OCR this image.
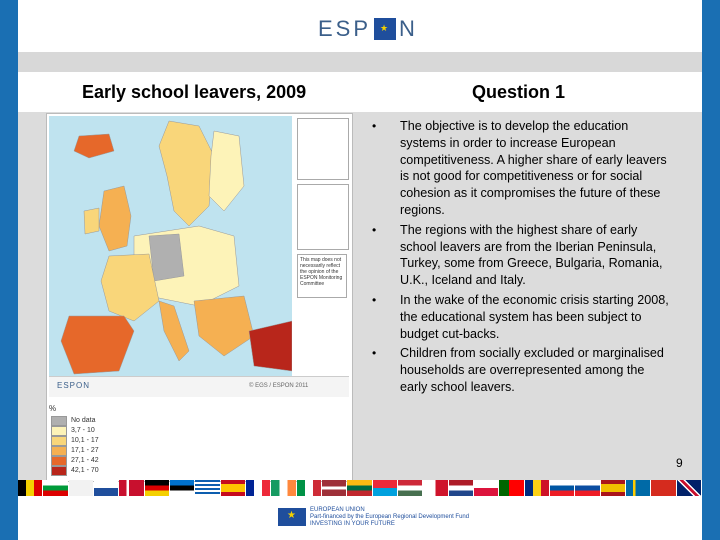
ESP
★ N
Early school leavers, 2009	Question 1
This map does not necessarily reflect the opinion of the ESPON Monitoring Committee
ESPON	© EGS / ESPON 2011
%
No data
3,7 - 10
10,1 - 17
17,1 - 27
27,1 - 42
42,1 - 70
• The objective is to develop the education systems in order to increase European competitiveness. A higher share of early leavers is not good for competitiveness or for social cohesion as it compromises the future of these regions.
• The regions with the highest share of early school leavers are from the Iberian Peninsula, Turkey, some from Greece, Bulgaria, Romania, U.K., Iceland and Italy.
• In the wake of the economic crisis starting 2008, the educational system has been subject to budget cut-backs.
• Children from socially excluded or marginalised households are overrepresented among the early school leavers.
9
★ EUROPEAN UNION
Part-financed by the European Regional Development Fund
INVESTING IN YOUR FUTURE
